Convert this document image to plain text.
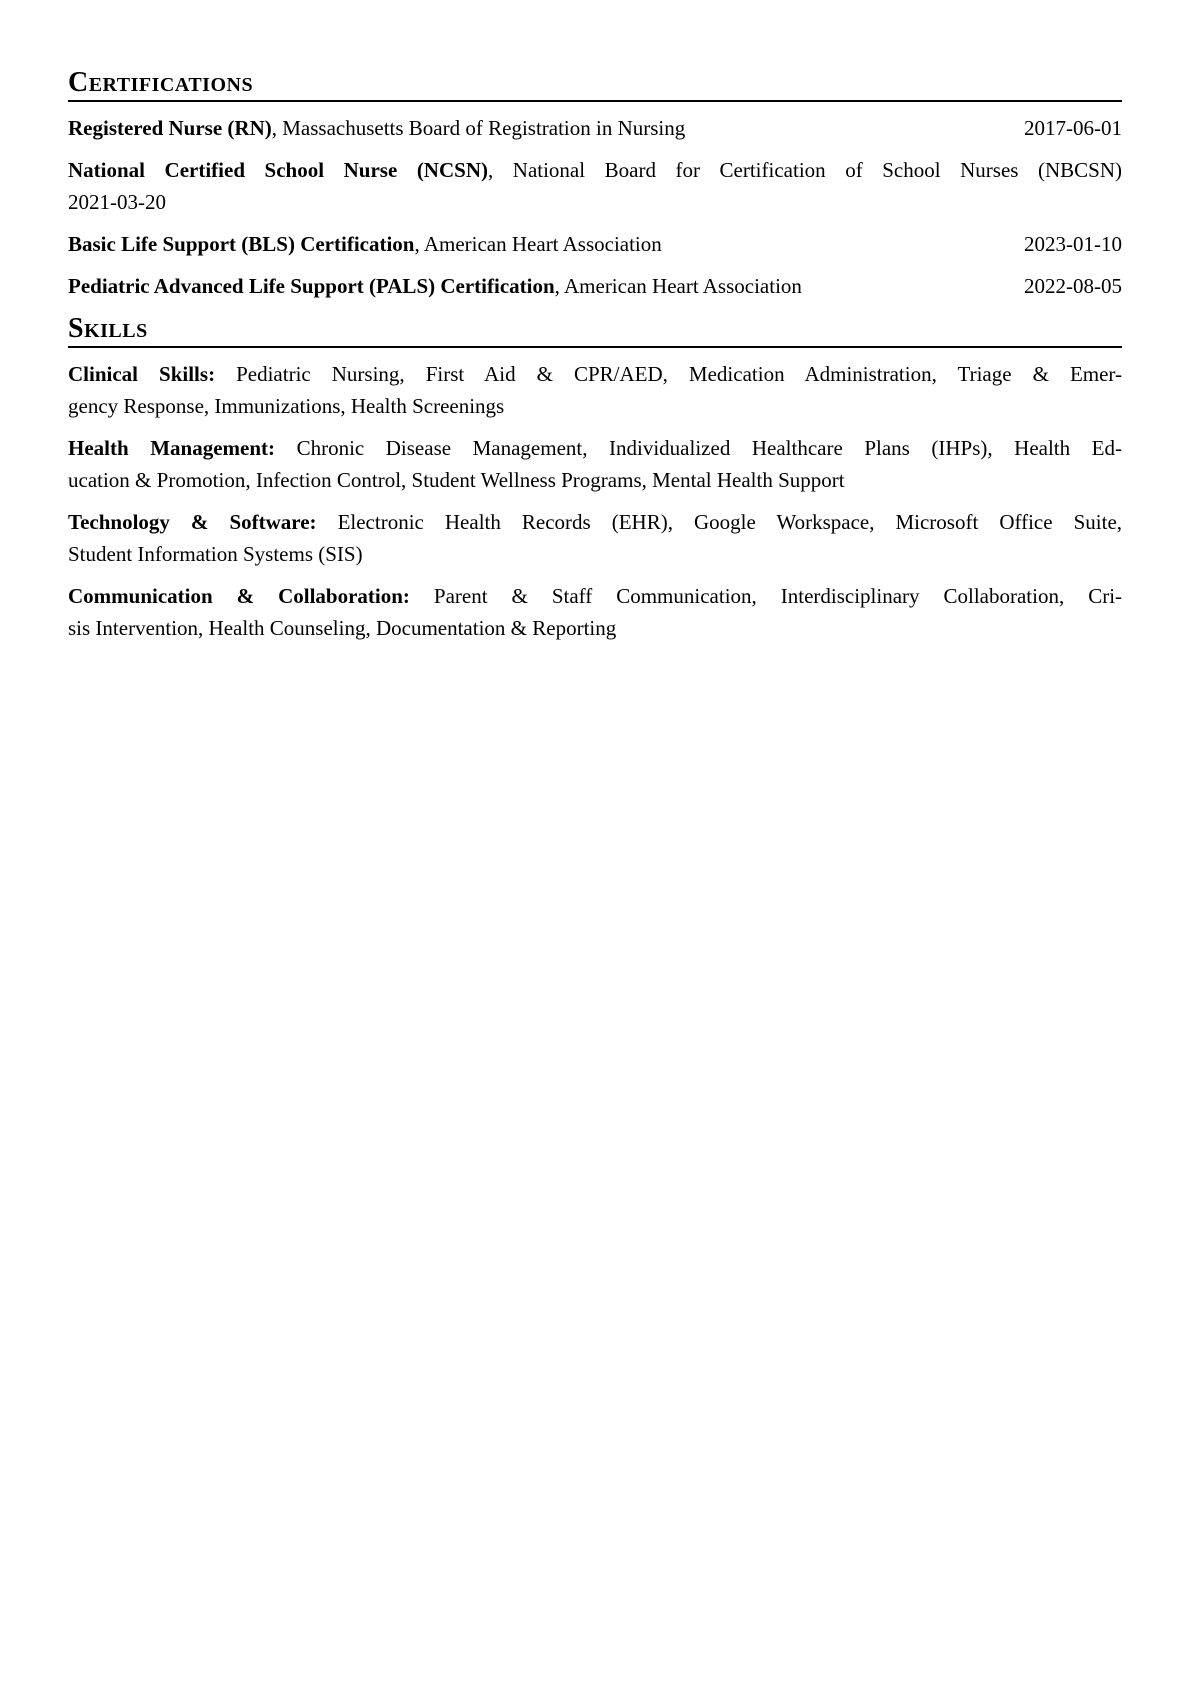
Certifications
Registered Nurse (RN), Massachusetts Board of Registration in Nursing	2017-06-01
National Certified School Nurse (NCSN), National Board for Certification of School Nurses (NBCSN)
2021-03-20
Basic Life Support (BLS) Certification, American Heart Association	2023-01-10
Pediatric Advanced Life Support (PALS) Certification, American Heart Association	2022-08-05
Skills
Clinical Skills: Pediatric Nursing, First Aid & CPR/AED, Medication Administration, Triage & Emer-
gency Response, Immunizations, Health Screenings
Health Management: Chronic Disease Management, Individualized Healthcare Plans (IHPs), Health Ed-
ucation & Promotion, Infection Control, Student Wellness Programs, Mental Health Support
Technology & Software: Electronic Health Records (EHR), Google Workspace, Microsoft Office Suite,
Student Information Systems (SIS)
Communication & Collaboration: Parent & Staff Communication, Interdisciplinary Collaboration, Cri-
sis Intervention, Health Counseling, Documentation & Reporting
